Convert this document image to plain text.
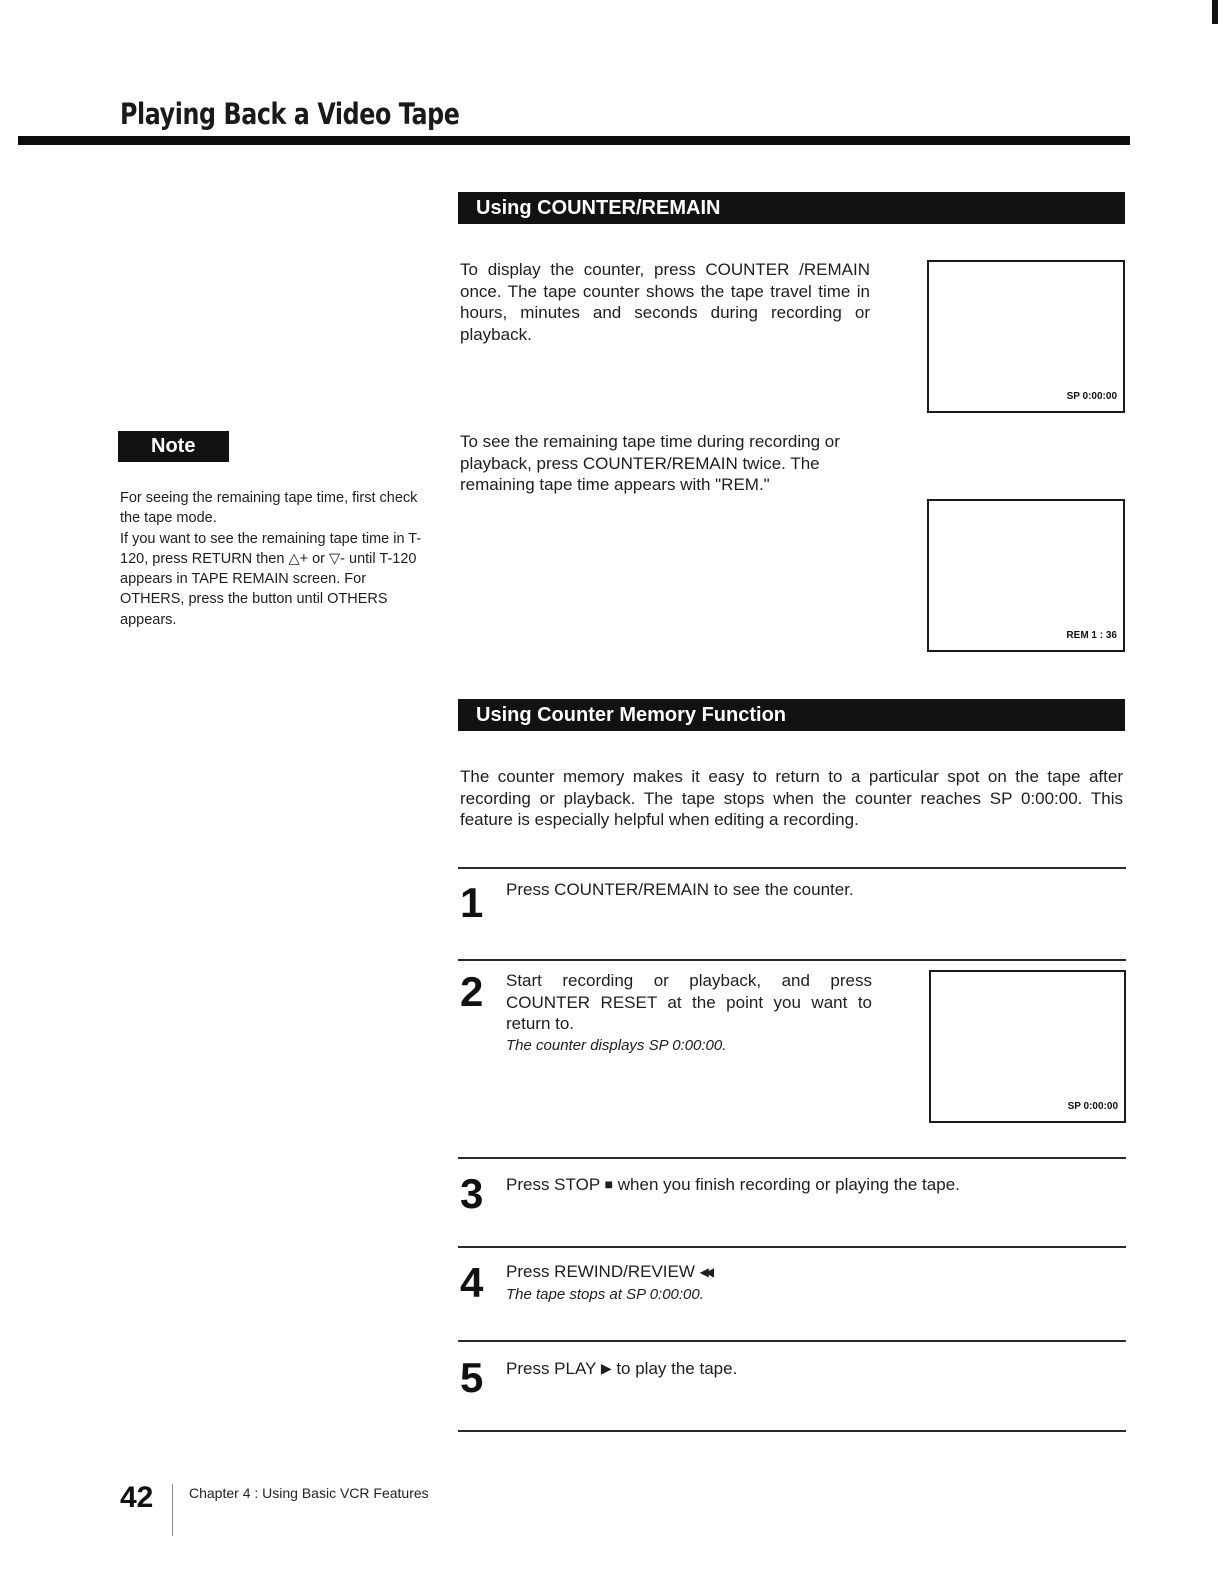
Playing Back a Video Tape
Using COUNTER/REMAIN
To display the counter, press COUNTER /REMAIN once. The tape counter shows the tape travel time in hours, minutes and seconds during recording or playback.
SP 0:00:00
To see the remaining tape time during recording or playback, press COUNTER/REMAIN twice. The remaining tape time appears with "REM."
REM 1 : 36
Note
For seeing the remaining tape time, first check the tape mode.
If you want to see the remaining tape time in T-120, press RETURN then △+ or ▽- until T-120 appears in TAPE REMAIN screen. For OTHERS, press the button until OTHERS appears.
Using Counter Memory Function
The counter memory makes it easy to return to a particular spot on the tape after recording or playback. The tape stops when the counter reaches SP 0:00:00. This feature is especially helpful when editing a recording.
1 Press COUNTER/REMAIN to see the counter.
2 Start recording or playback, and press COUNTER RESET at the point you want to return to.
The counter displays SP 0:00:00.
SP 0:00:00
3 Press STOP ■ when you finish recording or playing the tape.
4 Press REWIND/REVIEW ◀◀.
The tape stops at SP 0:00:00.
5 Press PLAY ▶ to play the tape.
42	Chapter 4 : Using Basic VCR Features
